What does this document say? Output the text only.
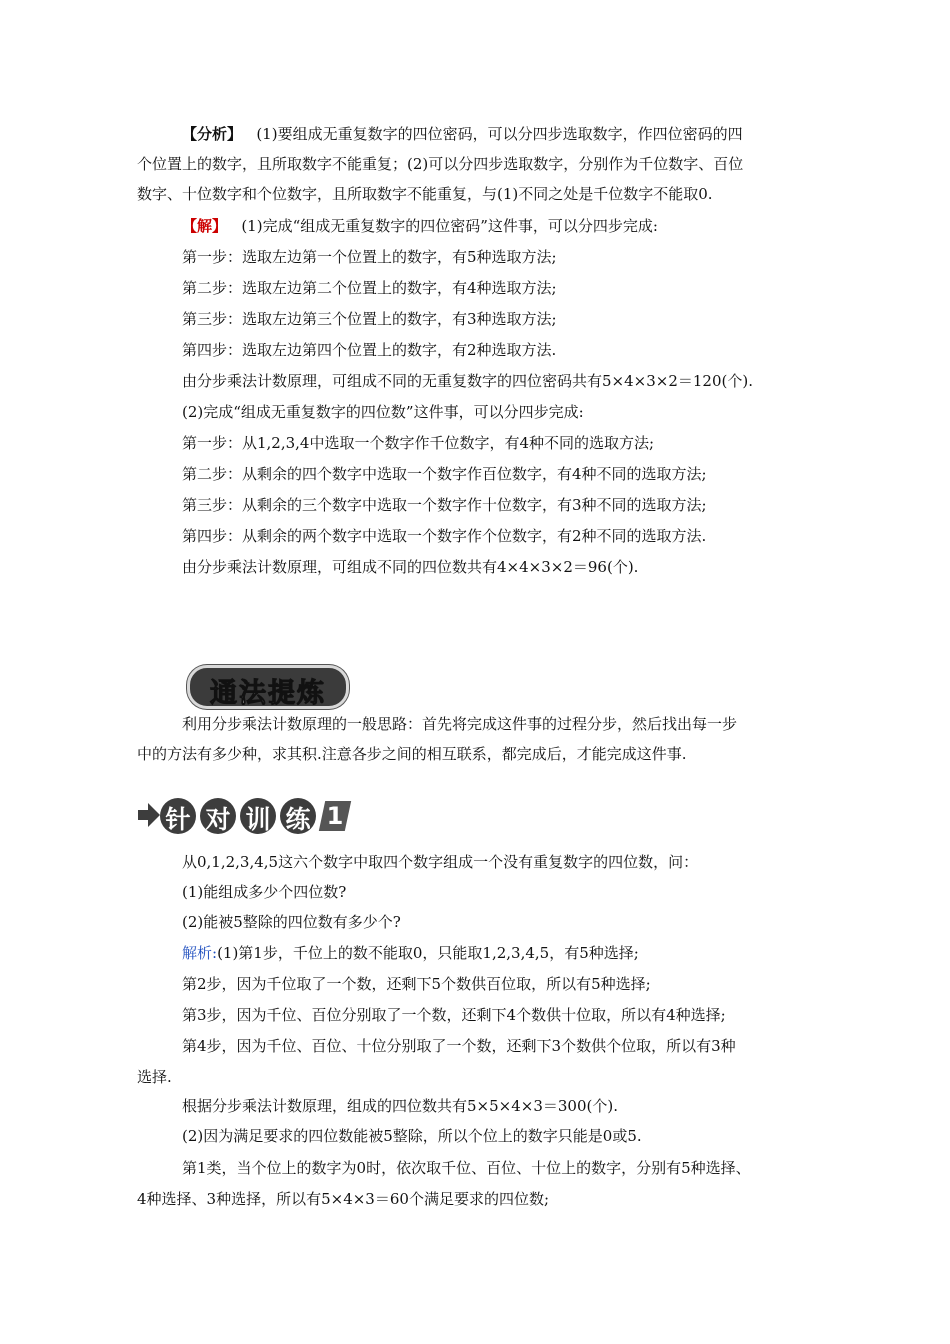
【分析】 (1)要组成无重复数字的四位密码，可以分四步选取数字，作四位密码的四
个位置上的数字，且所取数字不能重复；(2)可以分四步选取数字，分别作为千位数字、百位
数字、十位数字和个位数字，且所取数字不能重复，与(1)不同之处是千位数字不能取0.
【解】 (1)完成“组成无重复数字的四位密码”这件事，可以分四步完成:
第一步：选取左边第一个位置上的数字，有5种选取方法;
第二步：选取左边第二个位置上的数字，有4种选取方法;
第三步：选取左边第三个位置上的数字，有3种选取方法;
第四步：选取左边第四个位置上的数字，有2种选取方法.
由分步乘法计数原理，可组成不同的无重复数字的四位密码共有5×4×3×2＝120(个).
(2)完成“组成无重复数字的四位数”这件事，可以分四步完成:
第一步：从1,2,3,4中选取一个数字作千位数字，有4种不同的选取方法;
第二步：从剩余的四个数字中选取一个数字作百位数字，有4种不同的选取方法;
第三步：从剩余的三个数字中选取一个数字作十位数字，有3种不同的选取方法;
第四步：从剩余的两个数字中选取一个数字作个位数字，有2种不同的选取方法.
由分步乘法计数原理，可组成不同的四位数共有4×4×3×2＝96(个).
通法提炼
利用分步乘法计数原理的一般思路：首先将完成这件事的过程分步，然后找出每一步
中的方法有多少种，求其积.注意各步之间的相互联系，都完成后，才能完成这件事.
针 对 训 练 1
从0,1,2,3,4,5这六个数字中取四个数字组成一个没有重复数字的四位数，问：
(1)能组成多少个四位数?
(2)能被5整除的四位数有多少个?
解析:(1)第1步，千位上的数不能取0，只能取1,2,3,4,5，有5种选择;
第2步，因为千位取了一个数，还剩下5个数供百位取，所以有5种选择;
第3步，因为千位、百位分别取了一个数，还剩下4个数供十位取，所以有4种选择;
第4步，因为千位、百位、十位分别取了一个数，还剩下3个数供个位取，所以有3种
选择.
根据分步乘法计数原理，组成的四位数共有5×5×4×3＝300(个).
(2)因为满足要求的四位数能被5整除，所以个位上的数字只能是0或5.
第1类，当个位上的数字为0时，依次取千位、百位、十位上的数字，分别有5种选择、
4种选择、3种选择，所以有5×4×3＝60个满足要求的四位数;
